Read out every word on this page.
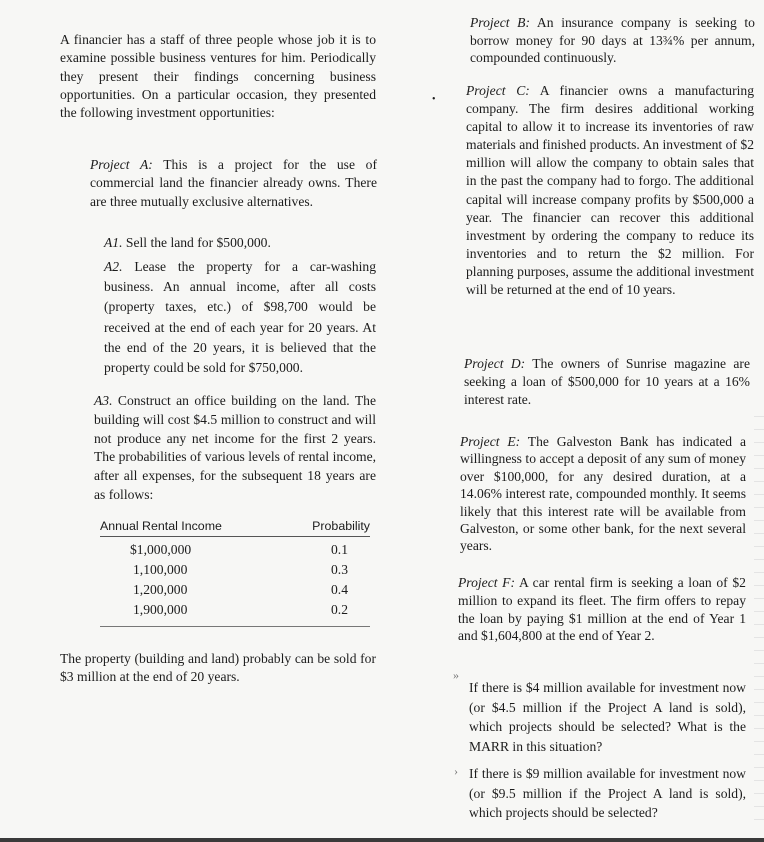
A financier has a staff of three people whose job it is to examine possible business ventures for him. Periodically they present their findings concerning business opportunities. On a particular occasion, they presented the following investment opportunities:

Project A: This is a project for the use of commercial land the financier already owns. There are three mutually exclusive alternatives.
A1. Sell the land for $500,000.
A2. Lease the property for a car-washing business. An annual income, after all costs (property taxes, etc.) of $98,700 would be received at the end of each year for 20 years. At the end of the 20 years, it is believed that the property could be sold for $750,000.
A3. Construct an office building on the land. The building will cost $4.5 million to construct and will not produce any net income for the first 2 years. The probabilities of various levels of rental income, after all expenses, for the subsequent 18 years are as follows:
Annual Rental Income	Probability
$1,000,000	0.1
1,100,000	0.3
1,200,000	0.4
1,900,000	0.2

The property (building and land) probably can be sold for $3 million at the end of 20 years.

Project B: An insurance company is seeking to borrow money for 90 days at 13¾% per annum, compounded continuously.
Project C: A financier owns a manufacturing company. The firm desires additional working capital to allow it to increase its inventories of raw materials and finished products. An investment of $2 million will allow the company to obtain sales that in the past the company had to forgo. The additional capital will increase company profits by $500,000 a year. The financier can recover this additional investment by ordering the company to reduce its inventories and to return the $2 million. For planning purposes, assume the additional investment will be returned at the end of 10 years.
Project D: The owners of Sunrise magazine are seeking a loan of $500,000 for 10 years at a 16% interest rate.
Project E: The Galveston Bank has indicated a willingness to accept a deposit of any sum of money over $100,000, for any desired duration, at a 14.06% interest rate, compounded monthly. It seems likely that this interest rate will be available from Galveston, or some other bank, for the next several years.
Project F: A car rental firm is seeking a loan of $2 million to expand its fleet. The firm offers to repay the loan by paying $1 million at the end of Year 1 and $1,604,800 at the end of Year 2.
»

If there is $4 million available for investment now (or $4.5 million if the Project A land is sold), which projects should be selected? What is the MARR in this situation?

› If there is $9 million available for investment now (or $9.5 million if the Project A land is sold), which projects should be selected?

•
